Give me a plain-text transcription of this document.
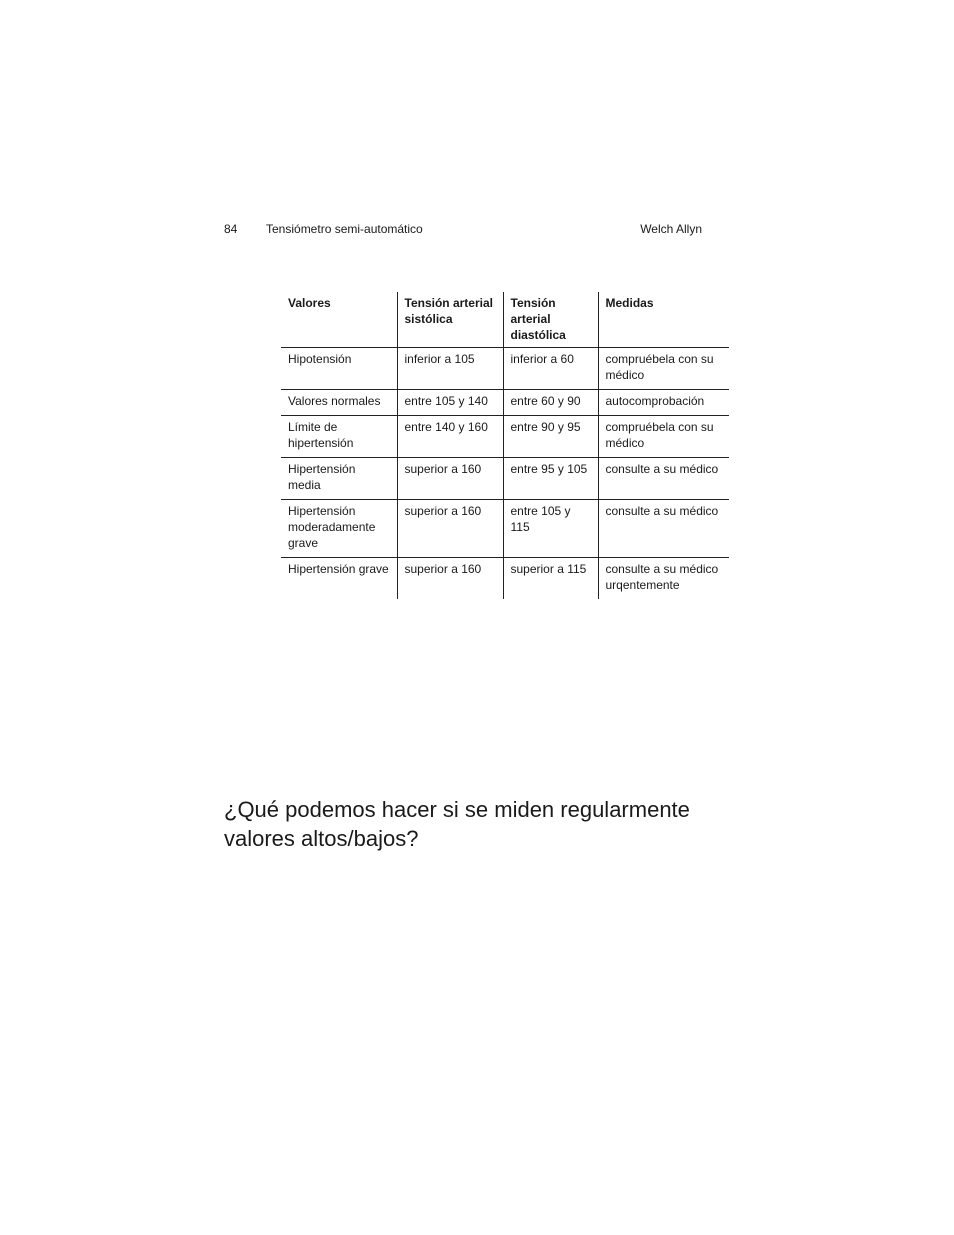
84 Tensiómetro semi-automático	Welch Allyn
Valores	Tensión arterial sistólica	Tensión arterial diastólica	Medidas
Hipotensión	inferior a 105	inferior a 60	compruébela con su médico
Valores normales	entre 105 y 140	entre 60 y 90	autocomprobación
Límite de hipertensión	entre 140 y 160	entre 90 y 95	compruébela con su médico
Hipertensión media	superior a 160	entre 95 y 105	consulte a su médico
Hipertensión moderadamente grave	superior a 160	entre 105 y 115	consulte a su médico
Hipertensión grave	superior a 160	superior a 115	consulte a su médico urqentemente
¿Qué podemos hacer si se miden regularmente valores altos/bajos?
